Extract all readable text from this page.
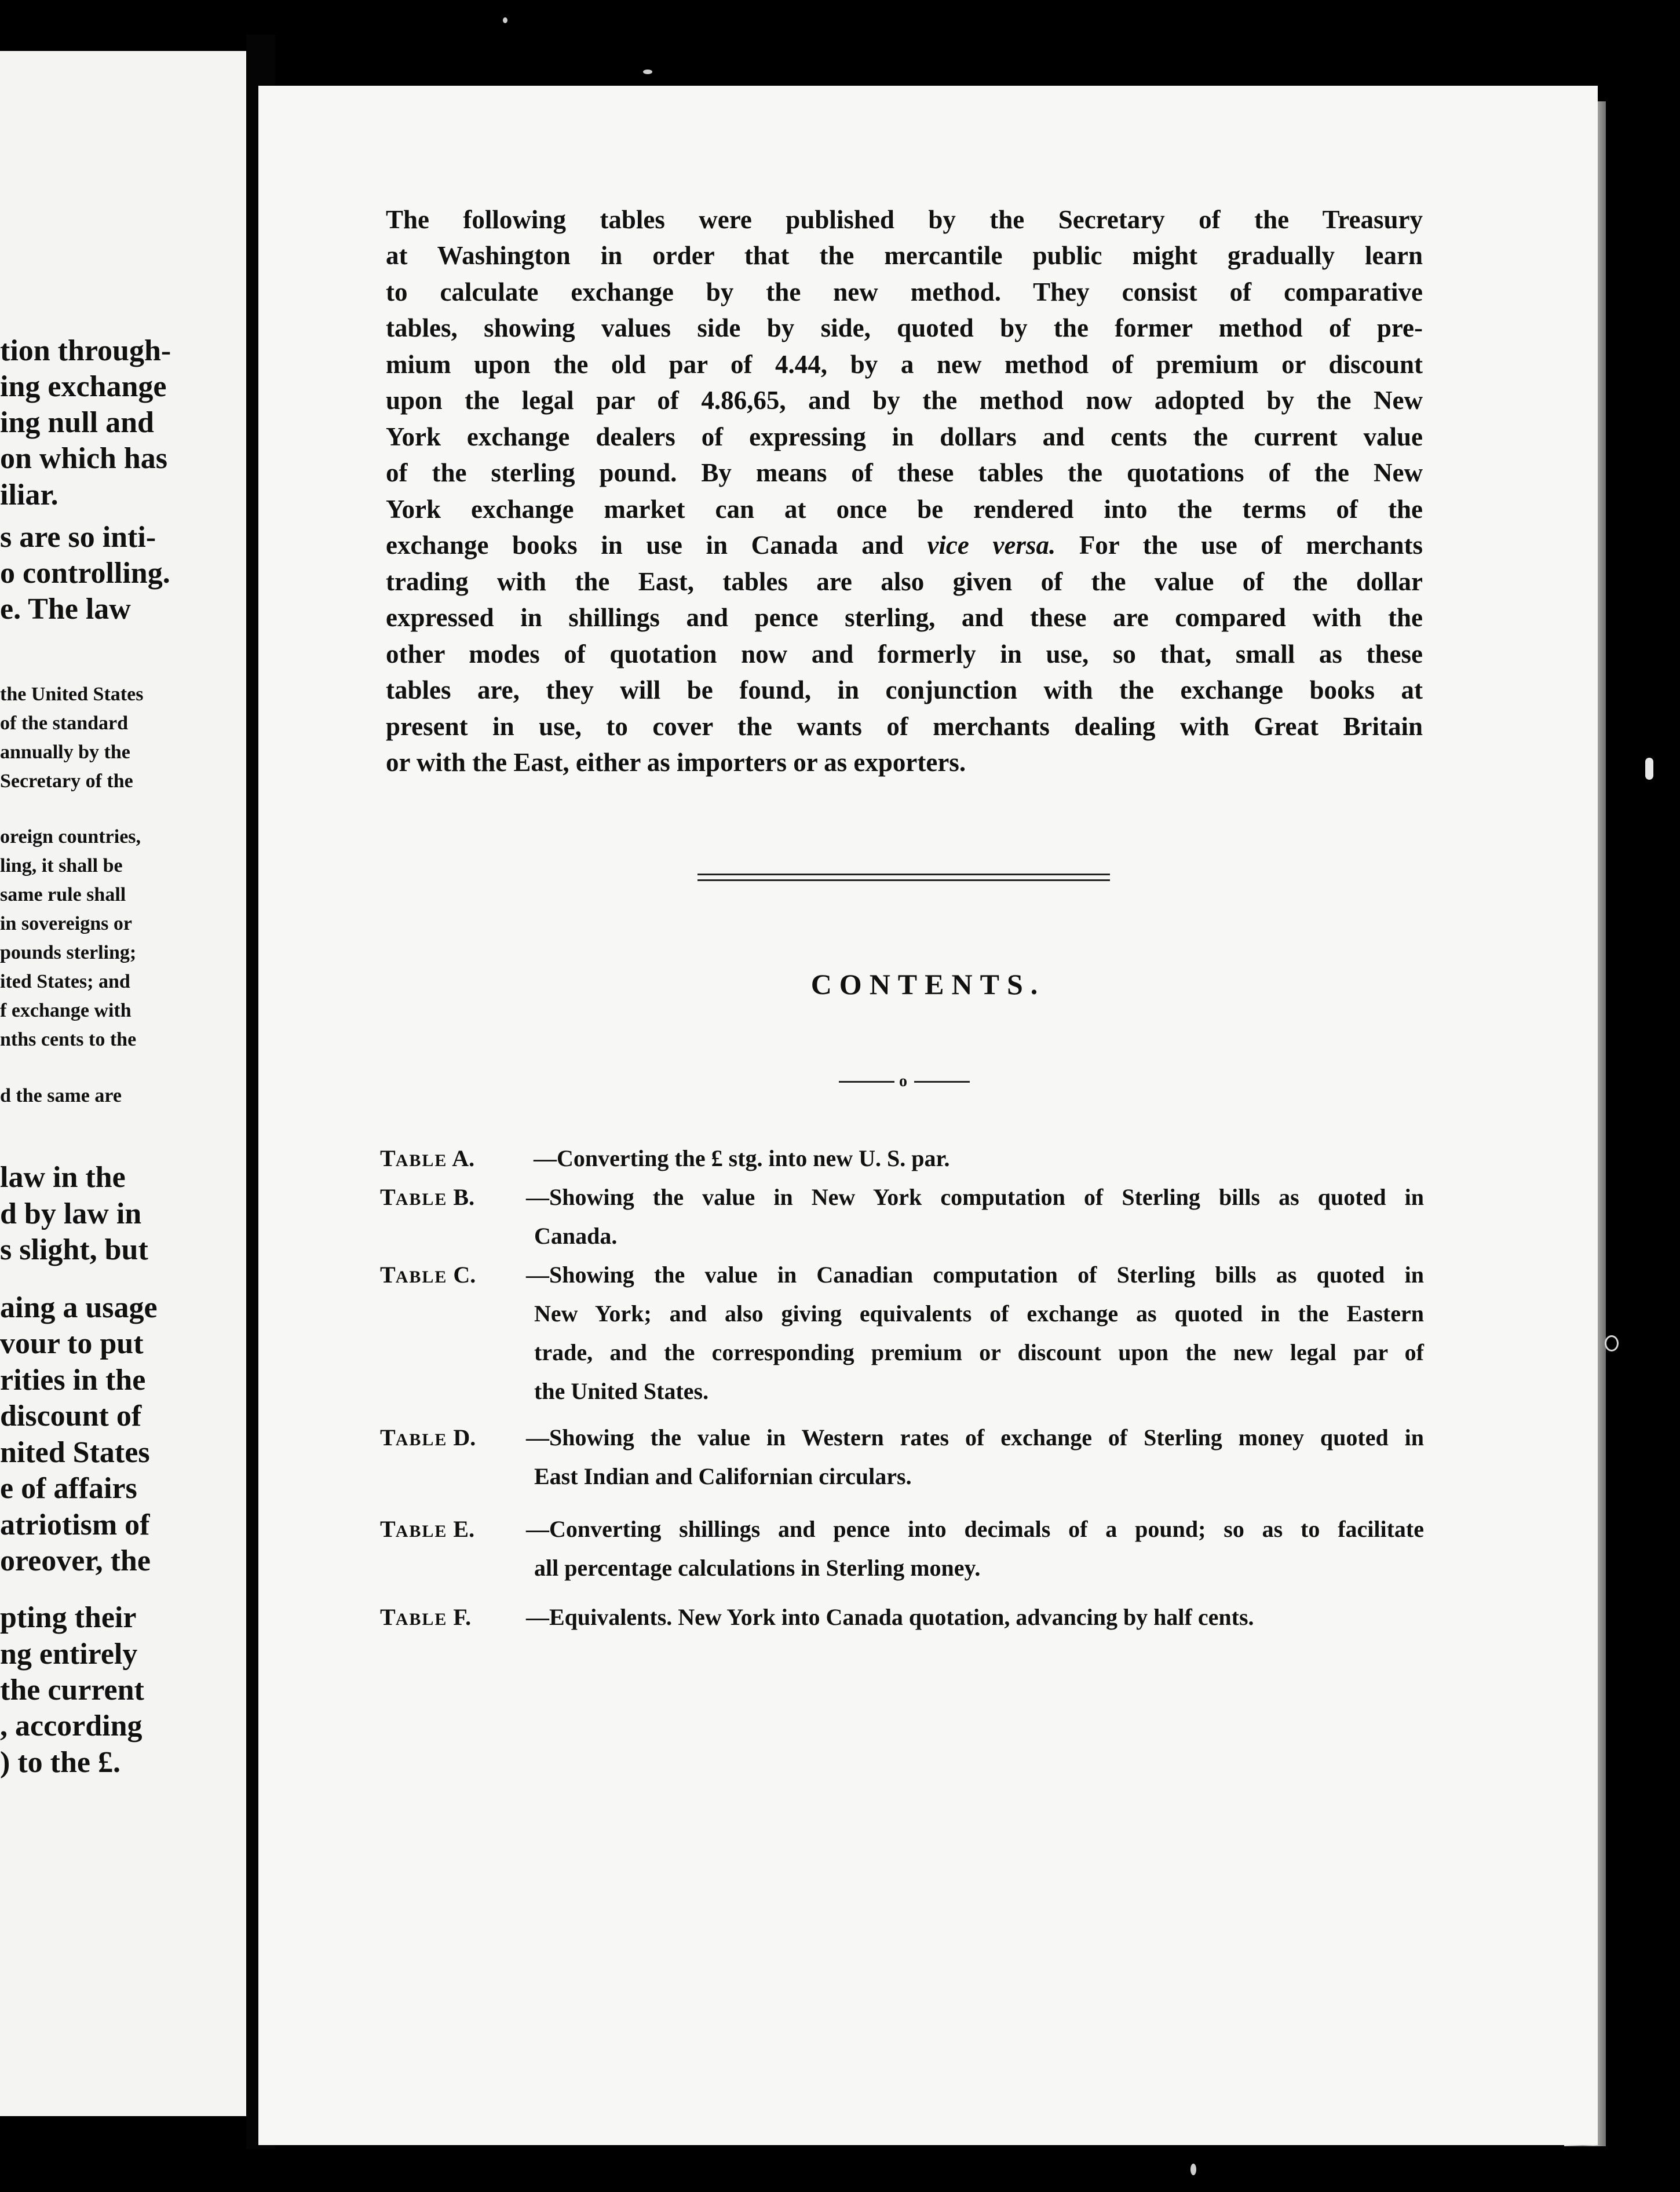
tion through-
ing exchange
ing null and
on which has
iliar.
s are so inti-
o controlling.
e. The law
the United States
of the standard
annually by the
Secretary of the
oreign countries,
ling, it shall be
same rule shall
in sovereigns or
pounds sterling;
ited States; and
f exchange with
nths cents to the
d the same are
law in the
d by law in
s slight, but
aing a usage
vour to put
rities in the
discount of
nited States
e of affairs
atriotism of
oreover, the
pting their
ng entirely
the current
, according
) to the £.
The following tables were published by the Secretary of the Treasury
at Washington in order that the mercantile public might gradually learn
to calculate exchange by the new method. They consist of comparative
tables, showing values side by side, quoted by the former method of pre-
mium upon the old par of 4.44, by a new method of premium or discount
upon the legal par of 4.86,65, and by the method now adopted by the New
York exchange dealers of expressing in dollars and cents the current value
of the sterling pound. By means of these tables the quotations of the New
York exchange market can at once be rendered into the terms of the
exchange books in use in Canada and vice versa. For the use of merchants
trading with the East, tables are also given of the value of the dollar
expressed in shillings and pence sterling, and these are compared with the
other modes of quotation now and formerly in use, so that, small as these
tables are, they will be found, in conjunction with the exchange books at
present in use, to cover the wants of merchants dealing with Great Britain
or with the East, either as importers or as exporters.
CONTENTS.
o
TABLE A.	—Converting the £ stg. into new U. S. par.
TABLE B. —Showing the value in New York computation of Sterling bills as quoted in
Canada.
TABLE C. —Showing the value in Canadian computation of Sterling bills as quoted in
New York; and also giving equivalents of exchange as quoted in the Eastern
trade, and the corresponding premium or discount upon the new legal par of
the United States.
TABLE D. —Showing the value in Western rates of exchange of Sterling money quoted in
East Indian and Californian circulars.
TABLE E. —Converting shillings and pence into decimals of a pound; so as to facilitate
all percentage calculations in Sterling money.
TABLE F. —Equivalents. New York into Canada quotation, advancing by half cents.
